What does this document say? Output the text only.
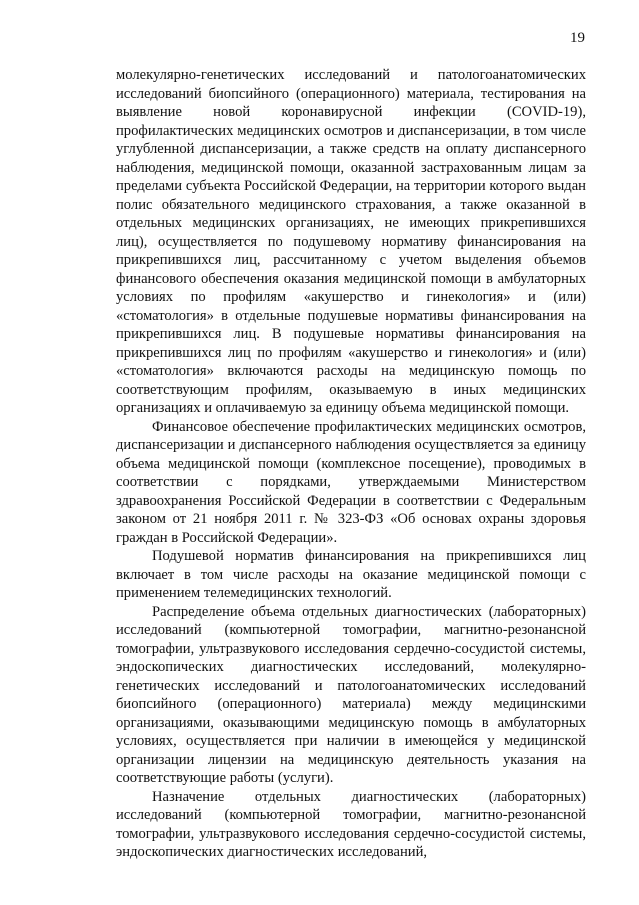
19

молекулярно-генетических исследований и патологоанатомических исследований биопсийного (операционного) материала, тестирования на выявление новой коронавирусной инфекции (COVID-19), профилактических медицинских осмотров и диспансеризации, в том числе углубленной диспансеризации, а также средств на оплату диспансерного наблюдения, медицинской помощи, оказанной застрахованным лицам за пределами субъекта Российской Федерации, на территории которого выдан полис обязательного медицинского страхования, а также оказанной в отдельных медицинских организациях, не имеющих прикрепившихся лиц), осуществляется по подушевому нормативу финансирования на прикрепившихся лиц, рассчитанному с учетом выделения объемов финансового обеспечения оказания медицинской помощи в амбулаторных условиях по профилям «акушерство и гинекология» и (или) «стоматология» в отдельные подушевые нормативы финансирования на прикрепившихся лиц. В подушевые нормативы финансирования на прикрепившихся лиц по профилям «акушерство и гинекология» и (или) «стоматология» включаются расходы на медицинскую помощь по соответствующим профилям, оказываемую в иных медицинских организациях и оплачиваемую за единицу объема медицинской помощи.

Финансовое обеспечение профилактических медицинских осмотров, диспансеризации и диспансерного наблюдения осуществляется за единицу объема медицинской помощи (комплексное посещение), проводимых в соответствии с порядками, утверждаемыми Министерством здравоохранения Российской Федерации в соответствии с Федеральным законом от 21 ноября 2011 г. № 323-ФЗ «Об основах охраны здоровья граждан в Российской Федерации».

Подушевой норматив финансирования на прикрепившихся лиц включает в том числе расходы на оказание медицинской помощи с применением телемедицинских технологий.

Распределение объема отдельных диагностических (лабораторных) исследований (компьютерной томографии, магнитно-резонансной томографии, ультразвукового исследования сердечно-сосудистой системы, эндоскопических диагностических исследований, молекулярно-генетических исследований и патологоанатомических исследований биопсийного (операционного) материала) между медицинскими организациями, оказывающими медицинскую помощь в амбулаторных условиях, осуществляется при наличии в имеющейся у медицинской организации лицензии на медицинскую деятельность указания на соответствующие работы (услуги).

Назначение отдельных диагностических (лабораторных) исследований (компьютерной томографии, магнитно-резонансной томографии, ультразвукового исследования сердечно-сосудистой системы, эндоскопических диагностических исследований,
